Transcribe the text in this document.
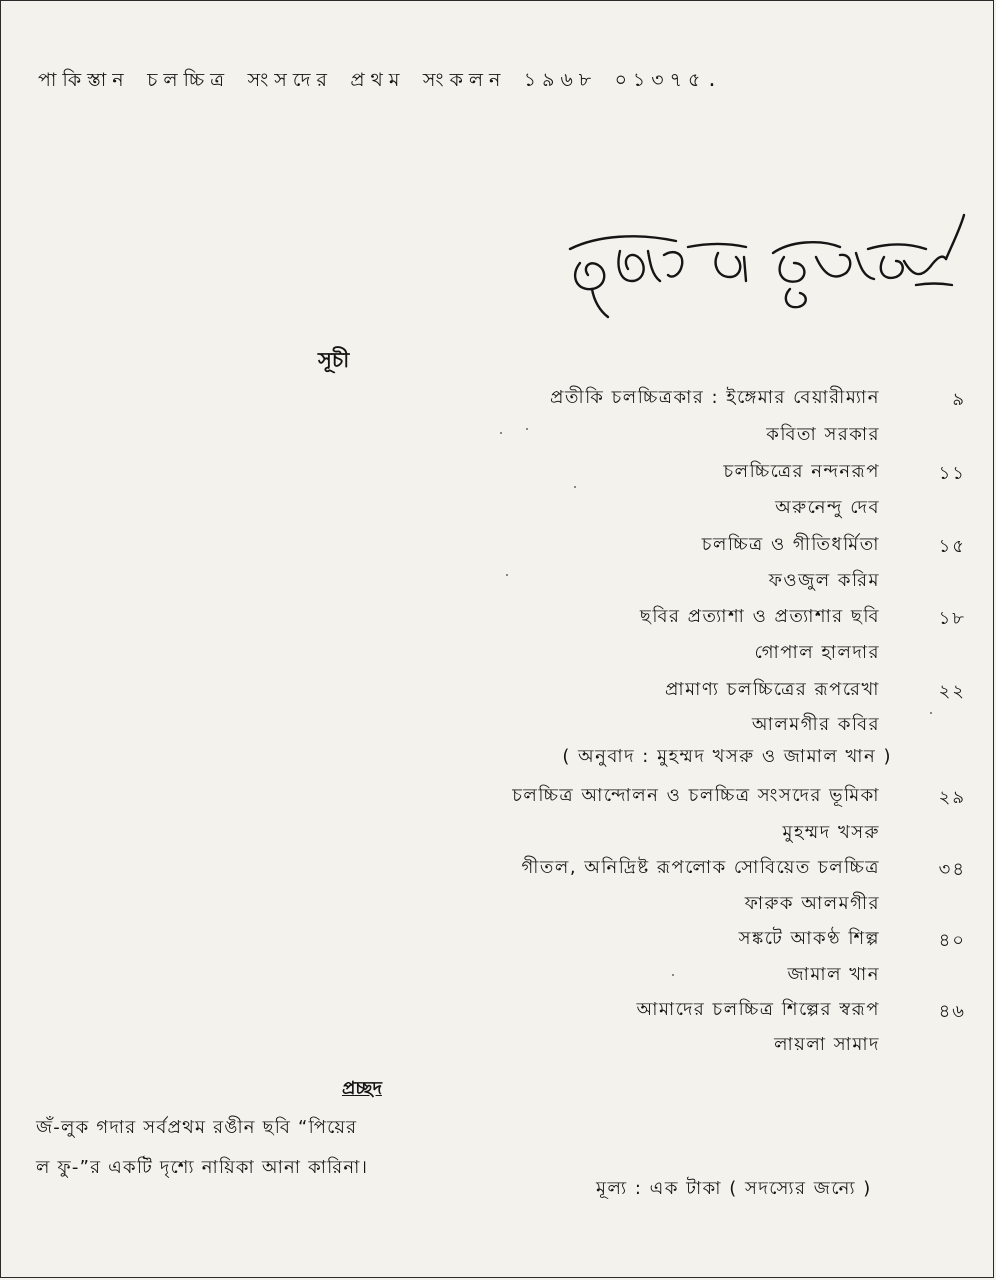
পাকিস্তান চলচ্চিত্র সংসদের প্রথম সংকলন ১৯৬৮ ০১৩৭৫.
সূচী
প্রতীকি চলচ্চিত্রকার : ইঙ্গেমার বেয়ারীম্যান	৯
কবিতা সরকার
চলচ্চিত্রের নন্দনরূপ	১১
অরুনেন্দু দেব
চলচ্চিত্র ও গীতিধর্মিতা	১৫
ফওজুল করিম
ছবির প্রত্যাশা ও প্রত্যাশার ছবি	১৮
গোপাল হালদার
প্রামাণ্য চলচ্চিত্রের রূপরেখা	২২
আলমগীর কবির
( অনুবাদ : মুহম্মদ খসরু ও জামাল খান )
চলচ্চিত্র আন্দোলন ও চলচ্চিত্র সংসদের ভূমিকা	২৯
মুহম্মদ খসরু
গীতল, অনিদ্রিষ্ট রূপলোক সোবিয়েত চলচ্চিত্র	৩৪
ফারুক আলমগীর
সঙ্কটে আকণ্ঠ শিল্প	৪০
জামাল খান
আমাদের চলচ্চিত্র শিল্পের স্বরূপ	৪৬
লায়লা সামাদ
প্রচ্ছদ
জঁ-লুক গদার সর্বপ্রথম রঙীন ছবি “পিয়ের
ল ফু-”র একটি দৃশ্যে নায়িকা আনা কারিনা।
মূল্য : এক টাকা ( সদস্যের জন্যে )
